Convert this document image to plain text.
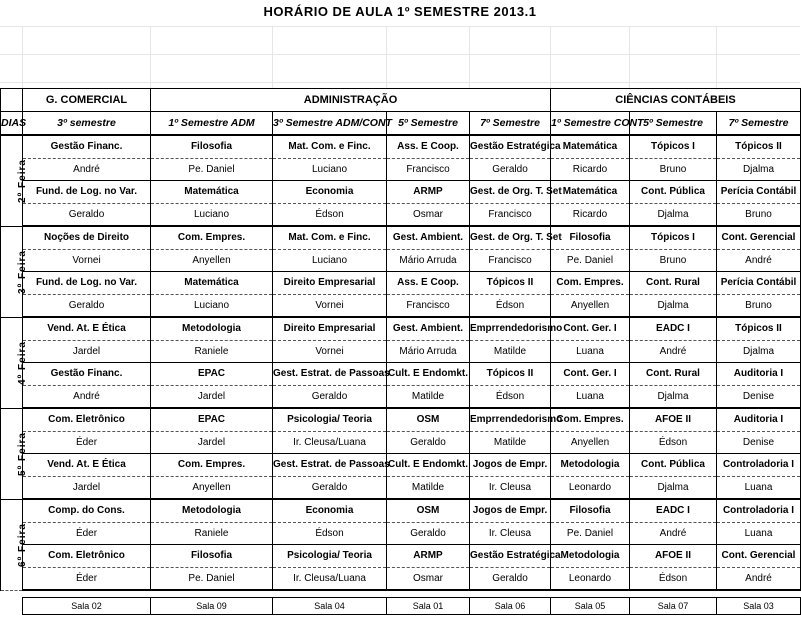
HORÁRIO DE AULA 1º SEMESTRE 2013.1
	G. COMERCIAL	ADMINISTRAÇÃO				CIÊNCIAS CONTÁBEIS		
DIAS	3º semestre	1º Semestre ADM	3º Semestre ADM/CONT	5º Semestre	7º Semestre	1º Semestre CONT	5º Semestre	7º Semestre
2º Feira	Gestão Financ.	Filosofia	Mat. Com. e Finc.	Ass. E Coop.	Gestão Estratégica	Matemática	Tópicos I	Tópicos II
	André	Pe. Daniel	Luciano	Francisco	Geraldo	Ricardo	Bruno	Djalma
	Fund. de Log. no Var.	Matemática	Economia	ARMP	Gest. de Org. T. Set	Matemática	Cont. Pública	Perícia Contábil
	Geraldo	Luciano	Édson	Osmar	Francisco	Ricardo	Djalma	Bruno
3º Feira	Noções de Direito	Com. Empres.	Mat. Com. e Finc.	Gest. Ambient.	Gest. de Org. T. Set	Filosofia	Tópicos I	Cont. Gerencial
	Vornei	Anyellen	Luciano	Mário Arruda	Francisco	Pe. Daniel	Bruno	André
	Fund. de Log. no Var.	Matemática	Direito Empresarial	Ass. E Coop.	Tópicos II	Com. Empres.	Cont. Rural	Perícia Contábil
	Geraldo	Luciano	Vornei	Francisco	Édson	Anyellen	Djalma	Bruno
4º Feira	Vend. At. E Ética	Metodologia	Direito Empresarial	Gest. Ambient.	Emprrendedorismo	Cont. Ger. I	EADC I	Tópicos II
	Jardel	Raniele	Vornei	Mário Arruda	Matilde	Luana	André	Djalma
	Gestão Financ.	EPAC	Gest. Estrat. de Passoas	Cult. E Endomkt.	Tópicos II	Cont. Ger. I	Cont. Rural	Auditoria I
	André	Jardel	Geraldo	Matilde	Édson	Luana	Djalma	Denise
5º Feira	Com. Eletrônico	EPAC	Psicologia/ Teoria	OSM	Emprrendedorismo	Com. Empres.	AFOE II	Auditoria I
	Éder	Jardel	Ir. Cleusa/Luana	Geraldo	Matilde	Anyellen	Édson	Denise
	Vend. At. E Ética	Com. Empres.	Gest. Estrat. de Passoas	Cult. E Endomkt.	Jogos de Empr.	Metodologia	Cont. Pública	Controladoria I
	Jardel	Anyellen	Geraldo	Matilde	Ir. Cleusa	Leonardo	Djalma	Luana
6º Feira	Comp. do Cons.	Metodologia	Economia	OSM	Jogos de Empr.	Filosofia	EADC I	Controladoria I
	Éder	Raniele	Édson	Geraldo	Ir. Cleusa	Pe. Daniel	André	Luana
	Com. Eletrônico	Filosofia	Psicologia/ Teoria	ARMP	Gestão Estratégica	Metodologia	AFOE II	Cont. Gerencial
	Éder	Pe. Daniel	Ir. Cleusa/Luana	Osmar	Geraldo	Leonardo	Édson	André

	Sala 02	Sala 09	Sala 04	Sala 01	Sala 06	Sala 05	Sala 07	Sala 03
